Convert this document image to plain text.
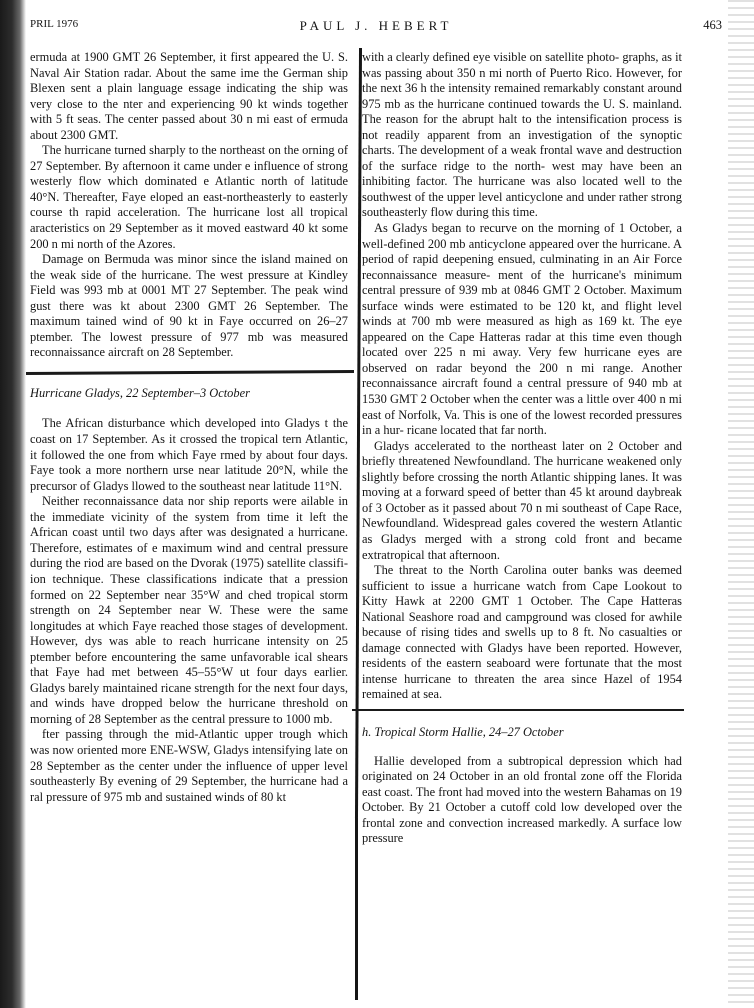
PRIL 1976	PAUL J. HEBERT	463

ermuda at 1900 GMT 26 September, it first appeared the U. S. Naval Air Station radar. About the same ime the German ship Blexen sent a plain language essage indicating the ship was very close to the nter and experiencing 90 kt winds together with 5 ft seas. The center passed about 30 n mi east of ermuda about 2300 GMT.

The hurricane turned sharply to the northeast on the orning of 27 September. By afternoon it came under e influence of strong westerly flow which dominated e Atlantic north of latitude 40°N. Thereafter, Faye eloped an east-northeasterly to easterly course th rapid acceleration. The hurricane lost all tropical aracteristics on 29 September as it moved eastward 40 kt some 200 n mi north of the Azores.

Damage on Bermuda was minor since the island mained on the weak side of the hurricane. The west pressure at Kindley Field was 993 mb at 0001 MT 27 September. The peak wind gust there was kt about 2300 GMT 26 September. The maximum tained wind of 90 kt in Faye occurred on 26–27 ptember. The lowest pressure of 977 mb was measured reconnaissance aircraft on 28 September.

Hurricane Gladys, 22 September–3 October

The African disturbance which developed into Gladys t the coast on 17 September. As it crossed the tropical tern Atlantic, it followed the one from which Faye rmed by about four days. Faye took a more northern urse near latitude 20°N, while the precursor of Gladys llowed to the southeast near latitude 11°N.

Neither reconnaissance data nor ship reports were ailable in the immediate vicinity of the system from time it left the African coast until two days after was designated a hurricane. Therefore, estimates of e maximum wind and central pressure during the riod are based on the Dvorak (1975) satellite classifi- ion technique. These classifications indicate that a pression formed on 22 September near 35°W and ched tropical storm strength on 24 September near W. These were the same longitudes at which Faye reached those stages of development. However, dys was able to reach hurricane intensity on 25 ptember before encountering the same unfavorable ical shears that Faye had met between 45–55°W ut four days earlier. Gladys barely maintained ricane strength for the next four days, and winds have dropped below the hurricane threshold on morning of 28 September as the central pressure to 1000 mb.

fter passing through the mid-Atlantic upper trough which was now oriented more ENE-WSW, Gladys intensifying late on 28 September as the center under the influence of upper level southeasterly By evening of 29 September, the hurricane had a ral pressure of 975 mb and sustained winds of 80 kt

with a clearly defined eye visible on satellite photo- graphs, as it was passing about 350 n mi north of Puerto Rico. However, for the next 36 h the intensity remained remarkably constant around 975 mb as the hurricane continued towards the U. S. mainland. The reason for the abrupt halt to the intensification process is not readily apparent from an investigation of the synoptic charts. The development of a weak frontal wave and destruction of the surface ridge to the north- west may have been an inhibiting factor. The hurricane was also located well to the southwest of the upper level anticyclone and under rather strong southeasterly flow during this time.

As Gladys began to recurve on the morning of 1 October, a well-defined 200 mb anticyclone appeared over the hurricane. A period of rapid deepening ensued, culminating in an Air Force reconnaissance measure- ment of the hurricane's minimum central pressure of 939 mb at 0846 GMT 2 October. Maximum surface winds were estimated to be 120 kt, and flight level winds at 700 mb were measured as high as 169 kt. The eye appeared on the Cape Hatteras radar at this time even though located over 225 n mi away. Very few hurricane eyes are observed on radar beyond the 200 n mi range. Another reconnaissance aircraft found a central pressure of 940 mb at 1530 GMT 2 October when the center was a little over 400 n mi east of Norfolk, Va. This is one of the lowest recorded pressures in a hur- ricane located that far north.

Gladys accelerated to the northeast later on 2 October and briefly threatened Newfoundland. The hurricane weakened only slightly before crossing the north Atlantic shipping lanes. It was moving at a forward speed of better than 45 kt around daybreak of 3 October as it passed about 70 n mi southeast of Cape Race, Newfoundland. Widespread gales covered the western Atlantic as Gladys merged with a strong cold front and became extratropical that afternoon.

The threat to the North Carolina outer banks was deemed sufficient to issue a hurricane watch from Cape Lookout to Kitty Hawk at 2200 GMT 1 October. The Cape Hatteras National Seashore road and campground was closed for awhile because of rising tides and swells up to 8 ft. No casualties or damage connected with Gladys have been reported. However, residents of the eastern seaboard were fortunate that the most intense hurricane to threaten the area since Hazel of 1954 remained at sea.

h. Tropical Storm Hallie, 24–27 October

Hallie developed from a subtropical depression which had originated on 24 October in an old frontal zone off the Florida east coast. The front had moved into the western Bahamas on 19 October. By 21 October a cutoff cold low developed over the frontal zone and convection increased markedly. A surface low pressure
